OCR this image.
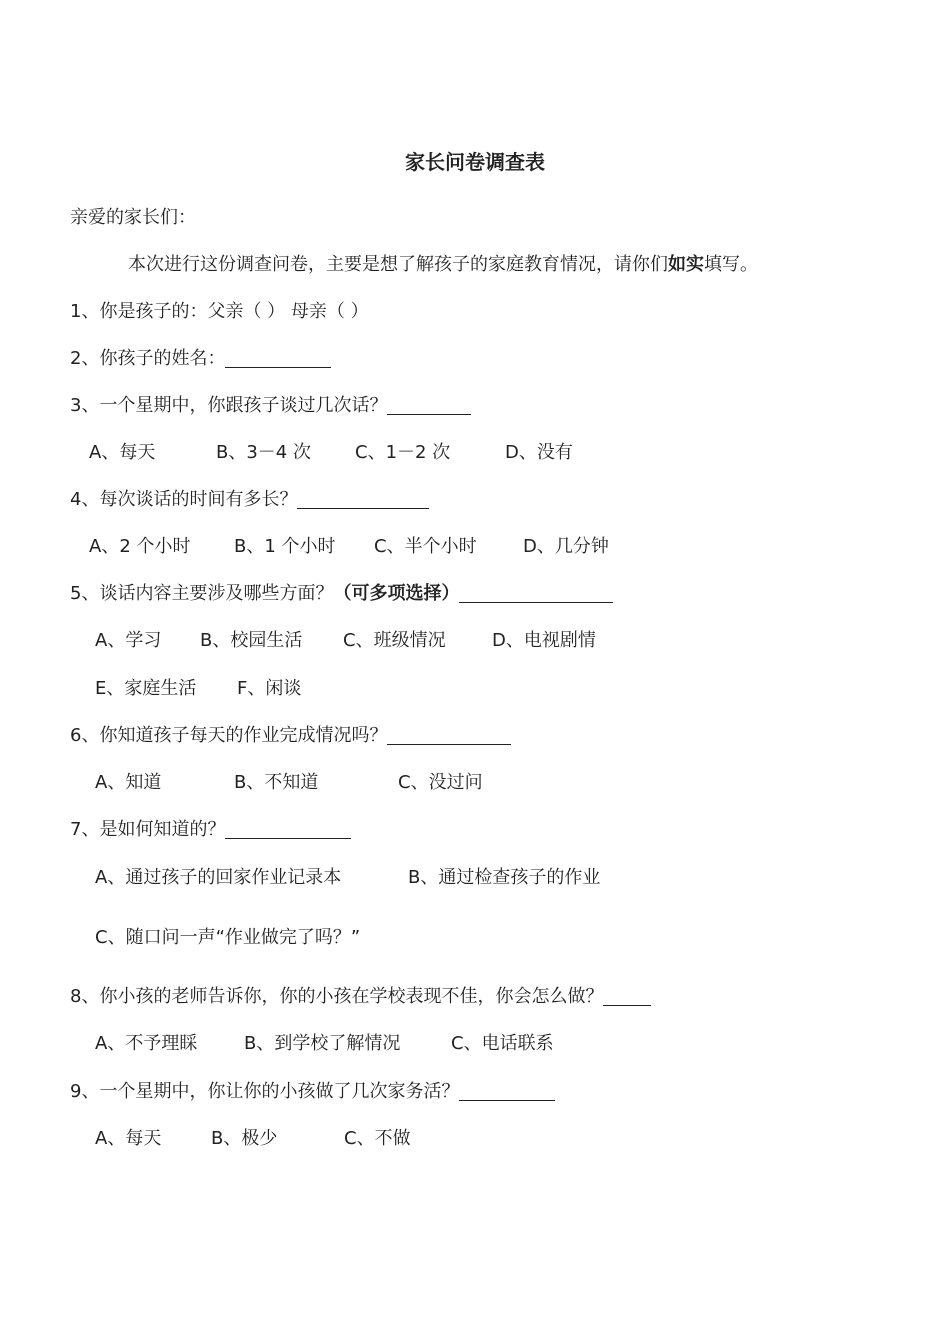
家长问卷调查表
亲爱的家长们：
本次进行这份调查问卷，主要是想了解孩子的家庭教育情况，请你们如实填写。
1、你是孩子的：父亲（ ） 母亲（ ）
2、你孩子的姓名：
3、一个星期中，你跟孩子谈过几次话？
A、每天	B、3－4 次 C、1－2 次	D、没有
4、每次谈话的时间有多长？
A、2 个小时 B、1 个小时 C、半个小时	D、几分钟
5、谈话内容主要涉及哪些方面？（可多项选择）
A、学习 B、校园生活 C、班级情况	D、电视剧情
E、家庭生活 F、闲谈
6、你知道孩子每天的作业完成情况吗？
A、知道	B、不知道	C、没过问
7、是如何知道的？
A、通过孩子的回家作业记录本	B、通过检查孩子的作业
C、随口问一声“作业做完了吗？”
8、你小孩的老师告诉你，你的小孩在学校表现不佳，你会怎么做？
A、不予理睬	B、到学校了解情况	C、电话联系
9、一个星期中，你让你的小孩做了几次家务活？
A、每天	B、极少	C、不做
